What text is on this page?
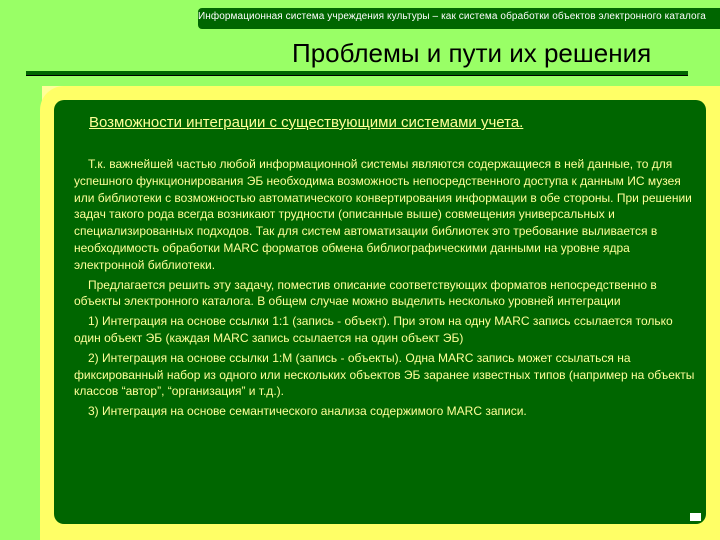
Информационная система учреждения культуры – как система обработки объектов электронного каталога
Проблемы и пути их решения
Возможности интеграции с существующими системами учета.

Т.к. важнейшей частью любой информационной системы являются содержащиеся в ней данные, то для успешного функционирования ЭБ необходима возможность непосредственного доступа к данным ИС музея или библиотеки с возможностью автоматического конвертирования информации в обе стороны. При решении задач такого рода всегда возникают трудности (описанные выше) совмещения универсальных и специализированных подходов. Так для систем автоматизации библиотек это требование выливается в необходимость обработки MARC форматов обмена библиографическими данными на уровне ядра электронной библиотеки.

Предлагается решить эту задачу, поместив описание соответствующих форматов непосредственно в объекты электронного каталога. В общем случае можно выделить несколько уровней интеграции

1) Интеграция на основе ссылки 1:1 (запись - объект). При этом на одну MARC запись ссылается только один объект ЭБ (каждая MARC запись ссылается на один объект ЭБ)

2) Интеграция на основе ссылки 1:M (запись - объекты). Одна MARC запись может ссылаться на фиксированный набор из одного или нескольких объектов ЭБ заранее известных типов (например на объекты классов “автор”, “организация” и т.д.).

3) Интеграция на основе семантического анализа содержимого MARC записи.
